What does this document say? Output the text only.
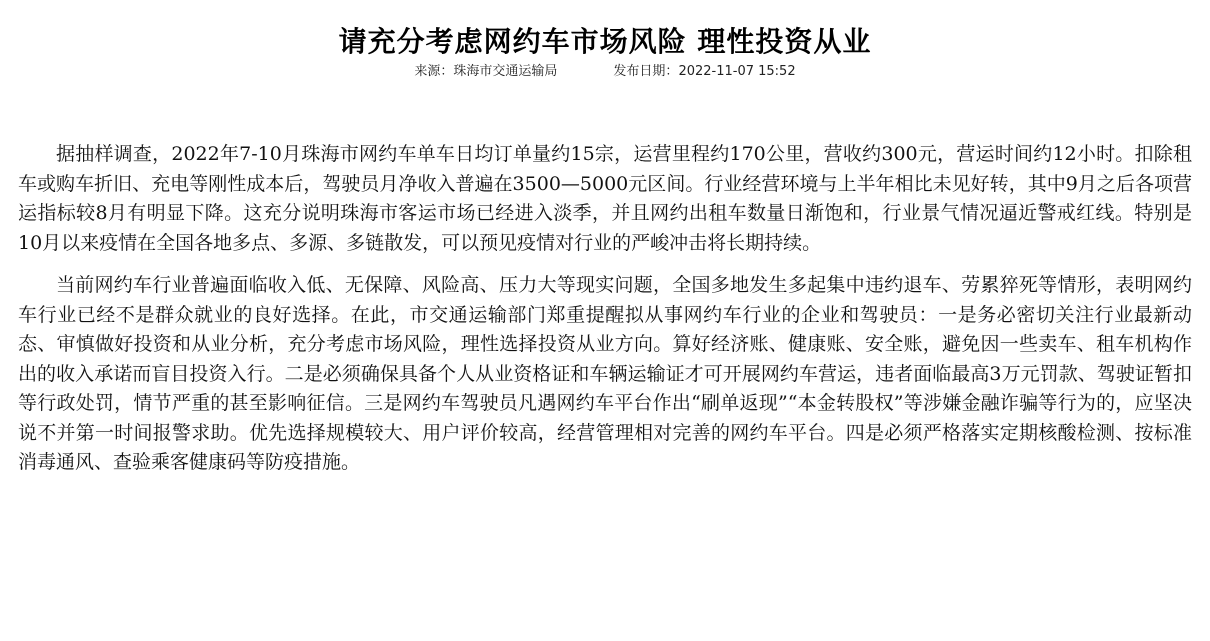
请充分考虑网约车市场风险 理性投资从业
来源：珠海市交通运输局	发布日期：2022-11-07 15:52

据抽样调查，2022年7-10月珠海市网约车单车日均订单量约15宗，运营里程约170公里，营收约300元，营运时间约12小时。扣除租车或购车折旧、充电等刚性成本后，驾驶员月净收入普遍在3500—5000元区间。行业经营环境与上半年相比未见好转，其中9月之后各项营运指标较8月有明显下降。这充分说明珠海市客运市场已经进入淡季，并且网约出租车数量日渐饱和，行业景气情况逼近警戒红线。特别是10月以来疫情在全国各地多点、多源、多链散发，可以预见疫情对行业的严峻冲击将长期持续。

当前网约车行业普遍面临收入低、无保障、风险高、压力大等现实问题，全国多地发生多起集中违约退车、劳累猝死等情形，表明网约车行业已经不是群众就业的良好选择。在此，市交通运输部门郑重提醒拟从事网约车行业的企业和驾驶员：一是务必密切关注行业最新动态、审慎做好投资和从业分析，充分考虑市场风险，理性选择投资从业方向。算好经济账、健康账、安全账，避免因一些卖车、租车机构作出的收入承诺而盲目投资入行。二是必须确保具备个人从业资格证和车辆运输证才可开展网约车营运，违者面临最高3万元罚款、驾驶证暂扣等行政处罚，情节严重的甚至影响征信。三是网约车驾驶员凡遇网约车平台作出“刷单返现”“本金转股权”等涉嫌金融诈骗等行为的，应坚决说不并第一时间报警求助。优先选择规模较大、用户评价较高，经营管理相对完善的网约车平台。四是必须严格落实定期核酸检测、按标准消毒通风、查验乘客健康码等防疫措施。
